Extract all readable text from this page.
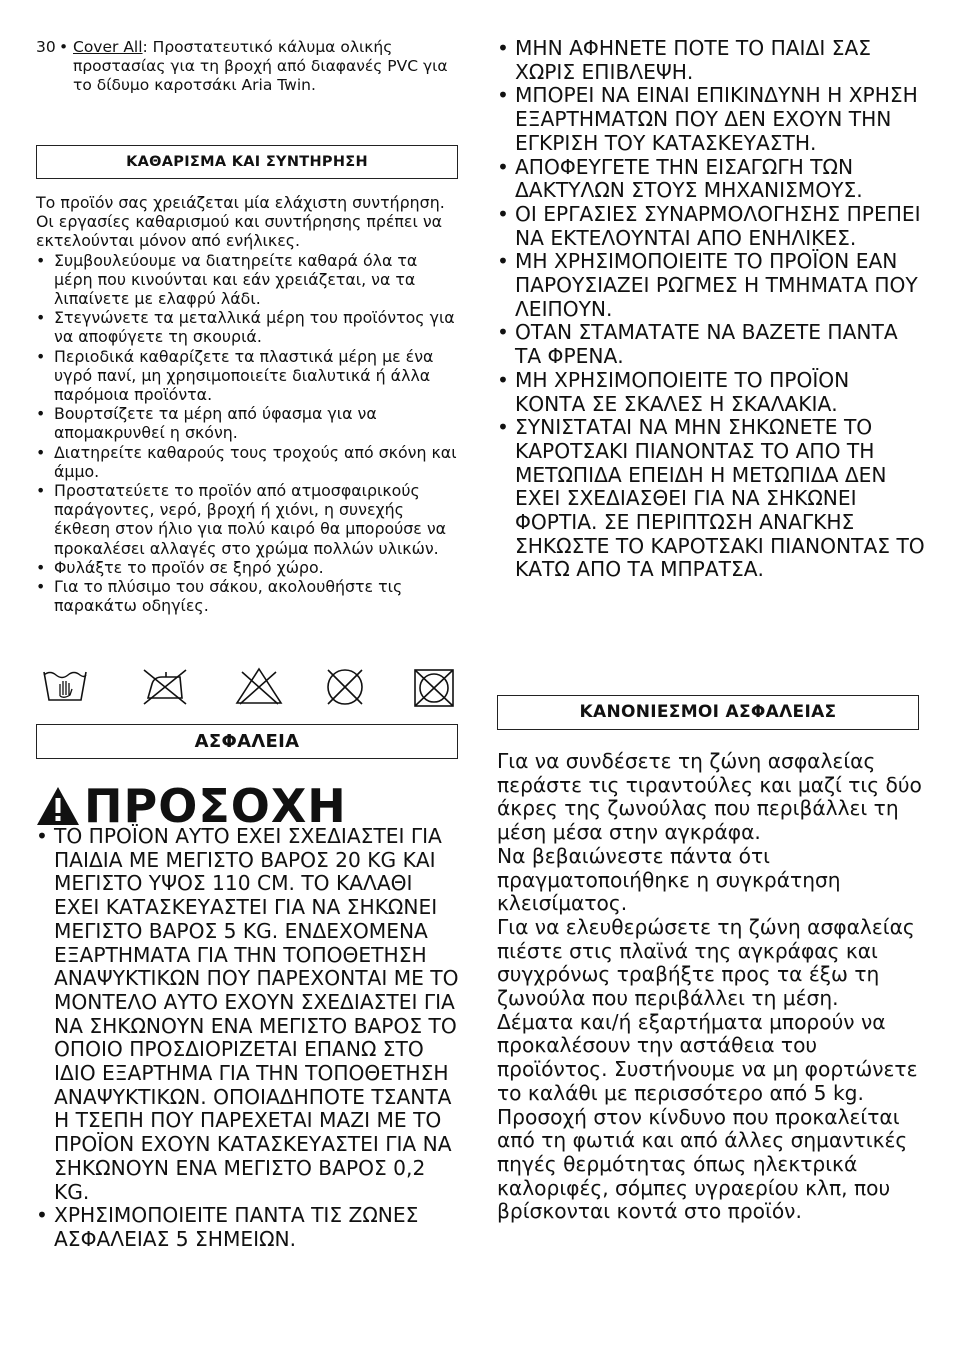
30 • Cover All: Προστατευτικό κάλυμα ολικής προστασίας για τη βροχή από διαφανές PVC για το δίδυμο καροτσάκι Aria Twin.
ΚΑΘΑΡΙΣΜΑ ΚΑΙ ΣΥΝΤΗΡΗΣΗ
Το προϊόν σας χρειάζεται μία ελάχιστη συντήρηση. Οι εργασίες καθαρισμού και συντήρησης πρέπει να εκτελούνται μόνον από ενήλικες.
• Συμβουλεύουμε να διατηρείτε καθαρά όλα τα μέρη που κινούνται και εάν χρειάζεται, να τα λιπαίνετε με ελαφρύ λάδι.
• Στεγνώνετε τα μεταλλικά μέρη του προϊόντος για να αποφύγετε τη σκουριά.
• Περιοδικά καθαρίζετε τα πλαστικά μέρη με ένα υγρό πανί, μη χρησιμοποιείτε διαλυτικά ή άλλα παρόμοια προϊόντα.
• Βουρτσίζετε τα μέρη από ύφασμα για να απομακρυνθεί η σκόνη.
• Διατηρείτε καθαρούς τους τροχούς από σκόνη και άμμο.
• Προστατεύετε το προϊόν από ατμοσφαιρικούς παράγοντες, νερό, βροχή ή χιόνι, η συνεχής έκθεση στον ήλιο για πολύ καιρό θα μπορούσε να προκαλέσει αλλαγές στο χρώμα πολλών υλικών.
• Φυλάξτε το προϊόν σε ξηρό χώρο.
• Για το πλύσιμο του σάκου, ακολουθήστε τις παρακάτω οδηγίες.
ΑΣΦΑΛΕΙΑ
ΠΡΟΣΟΧΗ
• ΤΟ ΠΡΟΪΟΝ ΑΥΤΟ ΕΧΕΙ ΣΧΕΔΙΑΣΤΕΙ ΓΙΑ ΠΑΙΔΙΑ ΜΕ ΜΕΓΙΣΤΟ ΒΑΡΟΣ 20 KG ΚΑΙ ΜΕΓΙΣΤΟ ΥΨΟΣ 110 CM. ΤΟ ΚΑΛΑΘΙ ΕΧΕΙ ΚΑΤΑΣΚΕΥΑΣΤΕΙ ΓΙΑ ΝΑ ΣΗΚΩΝΕΙ ΜΕΓΙΣΤΟ ΒΑΡΟΣ 5 KG. ΕΝΔΕΧΟΜΕΝΑ ΕΞΑΡΤΗΜΑΤΑ ΓΙΑ ΤΗΝ ΤΟΠΟΘΕΤΗΣΗ ΑΝΑΨΥΚΤΙΚΩΝ ΠΟΥ ΠΑΡΕΧΟΝΤΑΙ ΜΕ ΤΟ ΜΟΝΤΕΛΟ ΑΥΤΟ ΕΧΟΥΝ ΣΧΕΔΙΑΣΤΕΙ ΓΙΑ ΝΑ ΣΗΚΩΝΟΥΝ ΕΝΑ ΜΕΓΙΣΤΟ ΒΑΡΟΣ ΤΟ ΟΠΟΙΟ ΠΡΟΣΔΙΟΡΙΖΕΤΑΙ ΕΠΑΝΩ ΣΤΟ ΙΔΙΟ ΕΞΑΡΤΗΜΑ ΓΙΑ ΤΗΝ ΤΟΠΟΘΕΤΗΣΗ ΑΝΑΨΥΚΤΙΚΩΝ. ΟΠΟΙΑΔΗΠΟΤΕ ΤΣΑΝΤΑ Η ΤΣΕΠΗ ΠΟΥ ΠΑΡΕΧΕΤΑΙ ΜΑΖΙ ΜΕ ΤΟ ΠΡΟΪΟΝ ΕΧΟΥΝ ΚΑΤΑΣΚΕΥΑΣΤΕΙ ΓΙΑ ΝΑ ΣΗΚΩΝΟΥΝ ΕΝΑ ΜΕΓΙΣΤΟ ΒΑΡΟΣ 0,2 KG.
• ΧΡΗΣΙΜΟΠΟΙΕΙΤΕ ΠΑΝΤΑ ΤΙΣ ΖΩΝΕΣ ΑΣΦΑΛΕΙΑΣ 5 ΣΗΜΕΙΩΝ.
• ΜΗΝ ΑΦΗΝΕΤΕ ΠΟΤΕ ΤΟ ΠΑΙΔΙ ΣΑΣ ΧΩΡΙΣ ΕΠΙΒΛΕΨΗ.
• ΜΠΟΡΕΙ ΝΑ ΕΙΝΑΙ ΕΠΙΚΙΝΔΥΝΗ Η ΧΡΗΣΗ ΕΞΑΡΤΗΜΑΤΩΝ ΠΟΥ ΔΕΝ ΕΧΟΥΝ ΤΗΝ ΕΓΚΡΙΣΗ ΤΟΥ ΚΑΤΑΣΚΕΥΑΣΤΗ.
• ΑΠΟΦΕΥΓΕΤΕ ΤΗΝ ΕΙΣΑΓΩΓΗ ΤΩΝ ΔΑΚΤΥΛΩΝ ΣΤΟΥΣ ΜΗΧΑΝΙΣΜΟΥΣ.
• ΟΙ ΕΡΓΑΣΙΕΣ ΣΥΝΑΡΜΟΛΟΓΗΣΗΣ ΠΡΕΠΕΙ ΝΑ ΕΚΤΕΛΟΥΝΤΑΙ ΑΠΟ ΕΝΗΛΙΚΕΣ.
• ΜΗ ΧΡΗΣΙΜΟΠΟΙΕΙΤΕ ΤΟ ΠΡΟΪΟΝ ΕΑΝ ΠΑΡΟΥΣΙΑΖΕΙ ΡΩΓΜΕΣ Η ΤΜΗΜΑΤΑ ΠΟΥ ΛΕΙΠΟΥΝ.
• ΟΤΑΝ ΣΤΑΜΑΤΑΤΕ ΝΑ ΒΑΖΕΤΕ ΠΑΝΤΑ ΤΑ ΦΡΕΝΑ.
• ΜΗ ΧΡΗΣΙΜΟΠΟΙΕΙΤΕ ΤΟ ΠΡΟΪΟΝ ΚΟΝΤΑ ΣΕ ΣΚΑΛΕΣ Η ΣΚΑΛΑΚΙΑ.
• ΣΥΝΙΣΤΑΤΑΙ ΝΑ ΜΗΝ ΣΗΚΩΝΕΤΕ ΤΟ ΚΑΡΟΤΣΑΚΙ ΠΙΑΝΟΝΤΑΣ ΤΟ ΑΠΟ ΤΗ ΜΕΤΩΠΙΔΑ ΕΠΕΙΔΗ Η ΜΕΤΩΠΙΔΑ ΔΕΝ ΕΧΕΙ ΣΧΕΔΙΑΣΘΕΙ ΓΙΑ ΝΑ ΣΗΚΩΝΕΙ ΦΟΡΤΙΑ. ΣΕ ΠΕΡΙΠΤΩΣΗ ΑΝΑΓΚΗΣ ΣΗΚΩΣΤΕ ΤΟ ΚΑΡΟΤΣΑΚΙ ΠΙΑΝΟΝΤΑΣ ΤΟ ΚΑΤΩ ΑΠΟ ΤΑ ΜΠΡΑΤΣΑ.
ΚΑΝΟΝΙΕΣΜΟΙ ΑΣΦΑΛΕΙΑΣ

Για να συνδέσετε τη ζώνη ασφαλείας περάστε τις τιραντούλες και μαζί τις δύο άκρες της ζωνούλας που περιβάλλει τη μέση μέσα στην αγκράφα.

Να βεβαιώνεστε πάντα ότι πραγματοποιήθηκε η συγκράτηση κλεισίματος.

Για να ελευθερώσετε τη ζώνη ασφαλείας πιέστε στις πλαϊνά της αγκράφας και συγχρόνως τραβήξτε προς τα έξω τη ζωνούλα που περιβάλλει τη μέση.

Δέματα και/ή εξαρτήματα μπορούν να προκαλέσουν την αστάθεια του προϊόντος. Συστήνουμε να μη φορτώνετε το καλάθι με περισσότερο από 5 kg.

Προσοχή στον κίνδυνο που προκαλείται από τη φωτιά και από άλλες σημαντικές πηγές θερμότητας όπως ηλεκτρικά καλοριφές, σόμπες υγραερίου κλπ, που βρίσκονται κοντά στο προϊόν.
